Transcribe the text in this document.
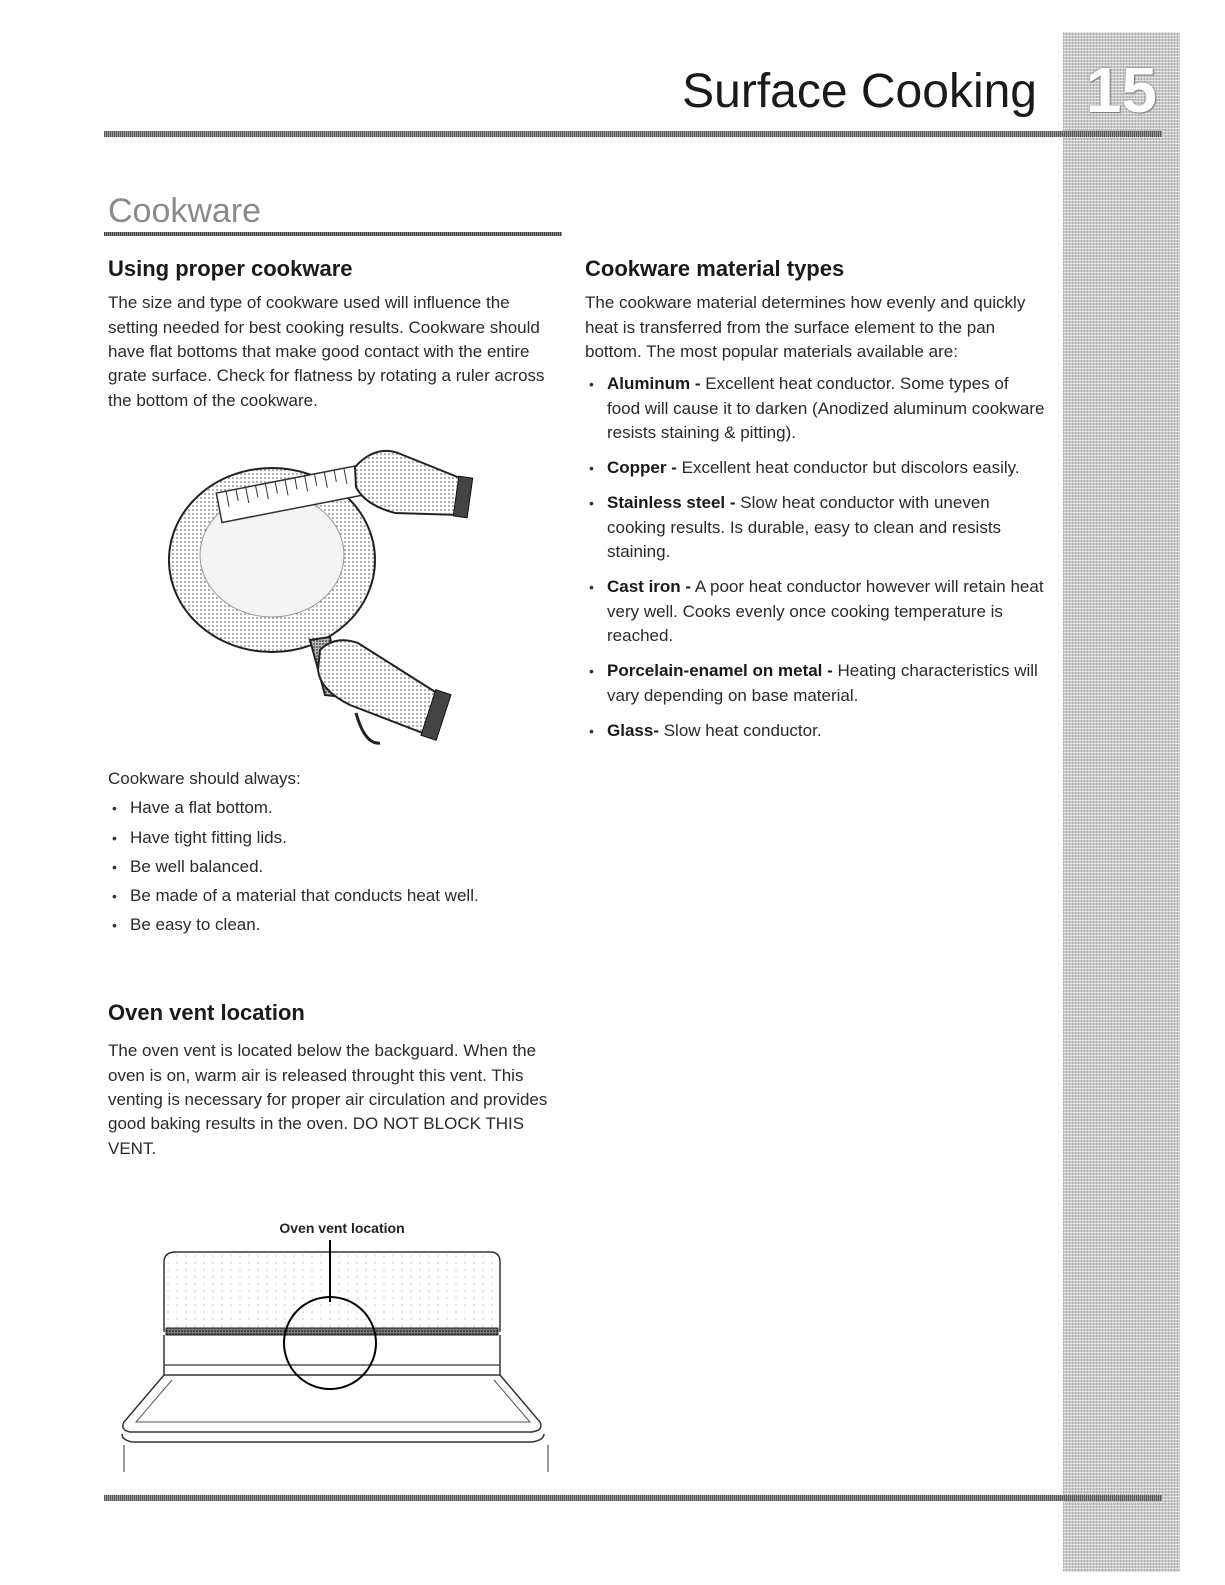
15
Surface Cooking
Cookware
Using proper cookware

The size and type of cookware used will influence the setting needed for best cooking results. Cookware should have flat bottoms that make good contact with the entire grate surface. Check for flatness by rotating a ruler across the bottom of the cookware.

Cookware should always:

• Have a flat bottom.
• Have tight fitting lids.
• Be well balanced.
• Be made of a material that conducts heat well.
• Be easy to clean.
Oven vent location

The oven vent is located below the backguard. When the oven is on, warm air is released throught this vent. This venting is necessary for proper air circulation and provides good baking results in the oven. DO NOT BLOCK THIS VENT.

Oven vent location
Cookware material types

The cookware material determines how evenly and quickly heat is transferred from the surface element to the pan bottom. The most popular materials available are:

• Aluminum - Excellent heat conductor. Some types of food will cause it to darken (Anodized aluminum cookware resists staining & pitting).
• Copper - Excellent heat conductor but discolors easily.
• Stainless steel - Slow heat conductor with uneven cooking results. Is durable, easy to clean and resists staining.
• Cast iron - A poor heat conductor however will retain heat very well. Cooks evenly once cooking temperature is reached.
• Porcelain-enamel on metal - Heating characteristics will vary depending on base material.
• Glass- Slow heat conductor.
